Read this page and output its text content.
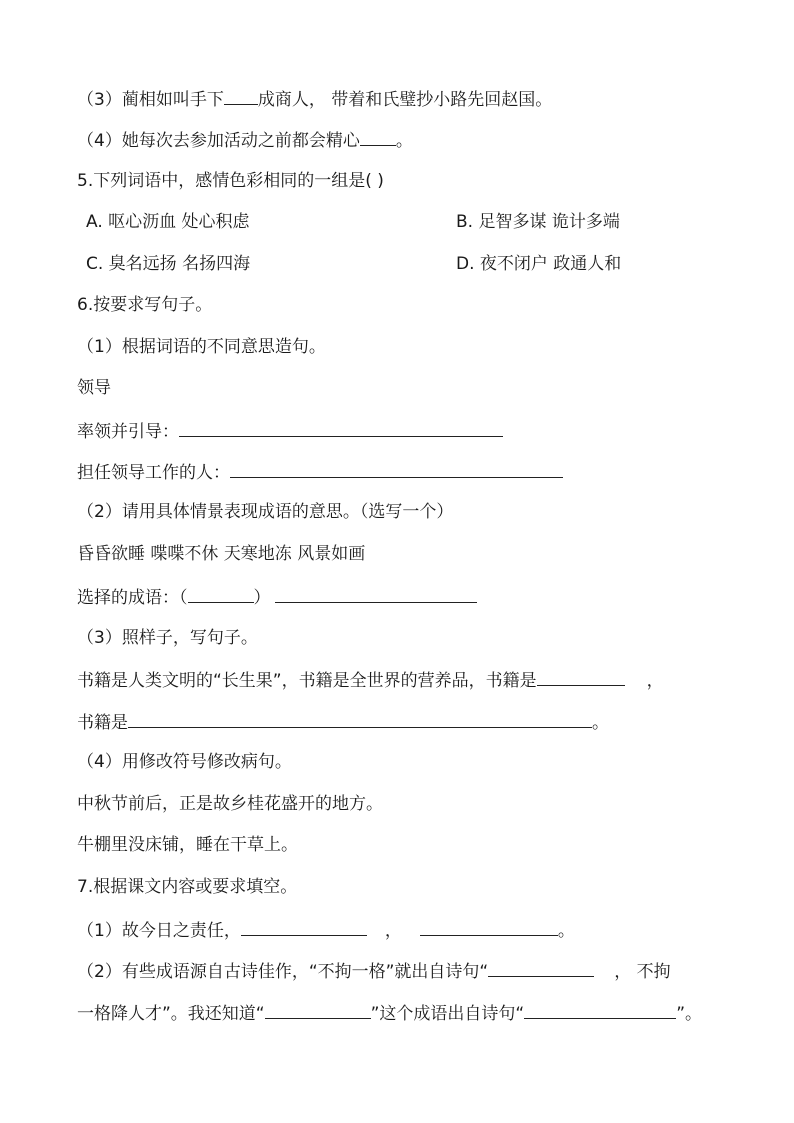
（3）蔺相如叫手下 成商人， 带着和氏璧抄小路先回赵国。
（4）她每次去参加活动之前都会精心 。
5.下列词语中，感情色彩相同的一组是( )
A. 呕心沥血 处心积虑	B. 足智多谋 诡计多端
C. 臭名远扬 名扬四海	D. 夜不闭户 政通人和
6.按要求写句子。
（1）根据词语的不同意思造句。
领导
率领并引导：
担任领导工作的人：
（2）请用具体情景表现成语的意思。（选写一个）
昏昏欲睡 喋喋不休 天寒地冻 风景如画
选择的成语：（	）
（3）照样子，写句子。
书籍是人类文明的“长生果”，书籍是全世界的营养品，书籍是	，
书籍是	。
（4）用修改符号修改病句。
中秋节前后，正是故乡桂花盛开的地方。
牛棚里没床铺，睡在干草上。
7.根据课文内容或要求填空。
（1）故今日之责任，	，	。
（2）有些成语源自古诗佳作，“不拘一格”就出自诗句“	， 不拘
一格降人才”。我还知道“	”这个成语出自诗句“	”。
